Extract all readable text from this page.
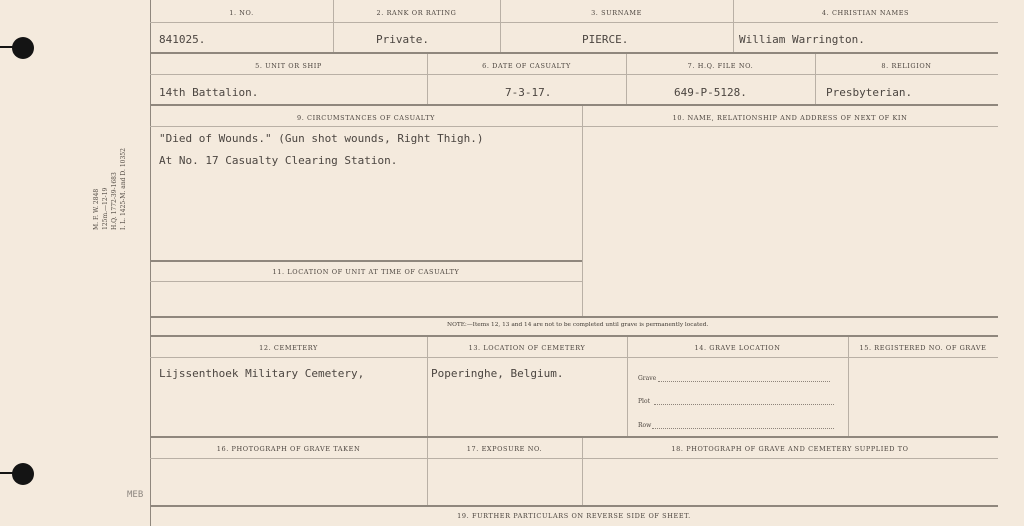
M. F. W. 2848 125m.—12-19 H.Q. 1772-39-1683 I. L. 1425-M. and D. 10352
1. NO.	2. RANK OR RATING	3. SURNAME	4. CHRISTIAN NAMES
841025.	Private.	PIERCE.	William Warrington.
5. UNIT OR SHIP	6. DATE OF CASUALTY	7. H.Q. FILE NO.	8. RELIGION
14th Battalion.	7-3-17.	649-P-5128.	Presbyterian.
9. CIRCUMSTANCES OF CASUALTY	10. NAME, RELATIONSHIP AND ADDRESS OF NEXT OF KIN
"Died of Wounds." (Gun shot wounds, Right Thigh.)
At No. 17 Casualty Clearing Station.
11. LOCATION OF UNIT AT TIME OF CASUALTY
NOTE:—Items 12, 13 and 14 are not to be completed until grave is permanently located.
12. CEMETERY	13. LOCATION OF CEMETERY	14. GRAVE LOCATION	15. REGISTERED NO. OF GRAVE
Lijssenthoek Military Cemetery,	Poperinghe, Belgium.	Grave
Plot
Row
16. PHOTOGRAPH OF GRAVE TAKEN	17. EXPOSURE NO.	18. PHOTOGRAPH OF GRAVE AND CEMETERY SUPPLIED TO
19. FURTHER PARTICULARS ON REVERSE SIDE OF SHEET.
MEB
